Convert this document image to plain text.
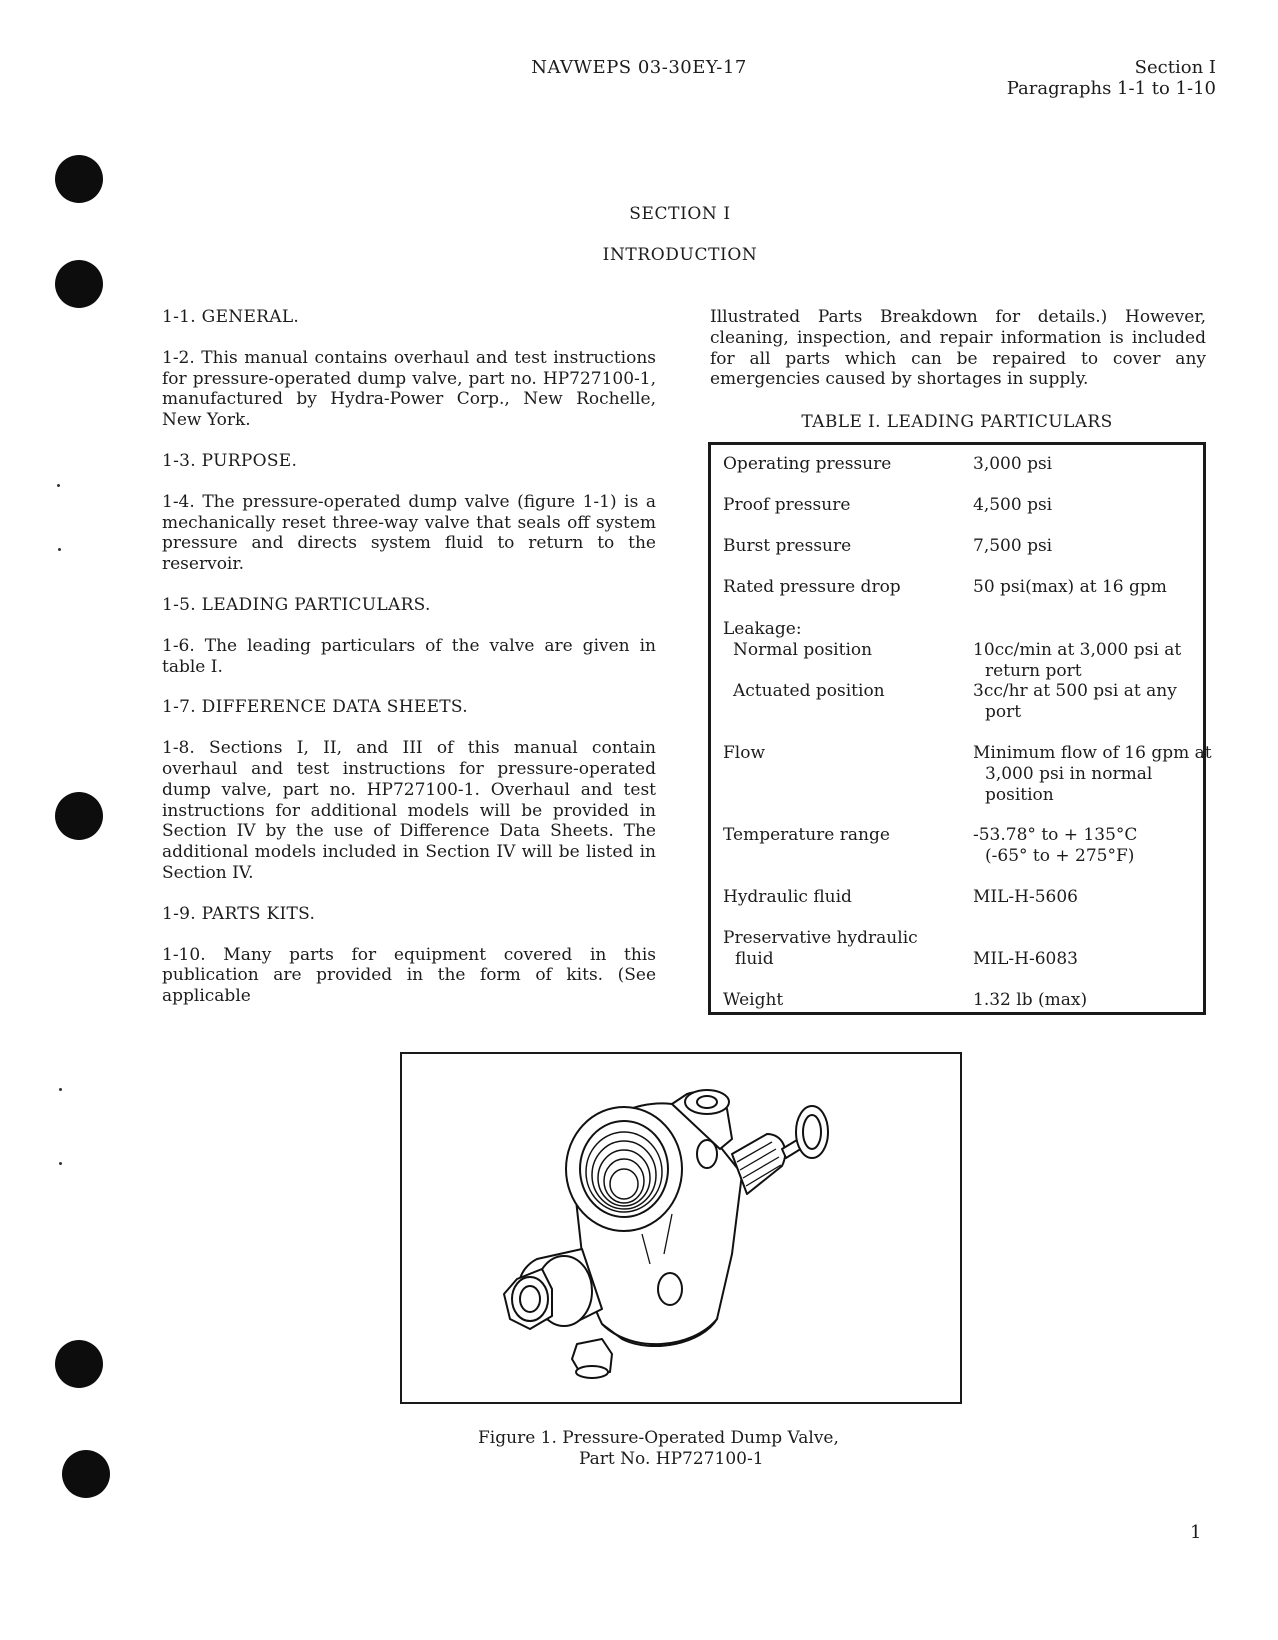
NAVWEPS 03-30EY-17	Section I
Paragraphs 1-1 to 1-10
SECTION I
INTRODUCTION

1-1. GENERAL.

1-2. This manual contains overhaul and test instructions for pressure-operated dump valve, part no. HP727100-1, manufactured by Hydra-Power Corp., New Rochelle, New York.

1-3. PURPOSE.

1-4. The pressure-operated dump valve (figure 1-1) is a mechanically reset three-way valve that seals off system pressure and directs system fluid to return to the reservoir.

1-5. LEADING PARTICULARS.

1-6. The leading particulars of the valve are given in table I.

1-7. DIFFERENCE DATA SHEETS.

1-8. Sections I, II, and III of this manual contain overhaul and test instructions for pressure-operated dump valve, part no. HP727100-1. Overhaul and test instructions for additional models will be provided in Section IV by the use of Difference Data Sheets. The additional models included in Section IV will be listed in Section IV.

1-9. PARTS KITS.

1-10. Many parts for equipment covered in this publication are provided in the form of kits. (See applicable

Illustrated Parts Breakdown for details.) However, cleaning, inspection, and repair information is included for all parts which can be repaired to cover any emergencies caused by shortages in supply.

TABLE I. LEADING PARTICULARS
Operating pressure	3,000 psi
Proof pressure	4,500 psi
Burst pressure	7,500 psi
Rated pressure drop	50 psi(max) at 16 gpm
Leakage:
Normal position	10cc/min at 3,000 psi at return port
Actuated position	3cc/hr at 500 psi at any port
Flow	Minimum flow of 16 gpm at 3,000 psi in normal position
Temperature range	-53.78° to + 135°C (-65° to + 275°F)
Hydraulic fluid	MIL-H-5606
Preservative hydraulic fluid	MIL-H-6083
Weight	1.32 lb (max)
Figure 1. Pressure-Operated Dump Valve,
Part No. HP727100-1
1
